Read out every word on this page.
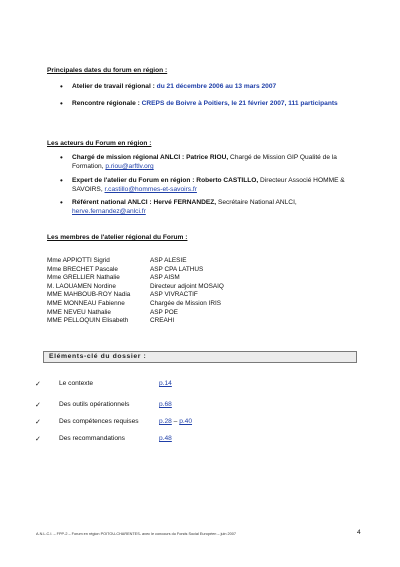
Principales dates du forum en région :
• Atelier de travail régional : du 21 décembre 2006 au 13 mars 2007
• Rencontre régionale : CREPS de Boivre à Poitiers, le 21 février 2007, 111 participants
Les acteurs du Forum en région :
• Chargé de mission régional ANLCI : Patrice RIOU, Chargé de Mission GIP Qualité de la Formation, p.riou@arftlv.org
• Expert de l'atelier du Forum en région : Roberto CASTILLO, Directeur Associé HOMME & SAVOIRS, r.castillo@hommes-et-savoirs.fr
• Référent national ANLCI : Hervé FERNANDEZ, Secrétaire National ANLCI, herve.fernandez@anlci.fr
Les membres de l'atelier régional du Forum :
Mme APPIOTTI Sigrid	ASP ALESIE
Mme BRECHET Pascale	ASP CPA LATHUS
Mme GRELLIER Nathalie	ASP AISM
M. LAOUAMEN Nordine	Directeur adjoint MOSAIQ
MME MAHBOUB-ROY Nadia	ASP VIVRACTIF
MME MONNEAU Fabienne	Chargée de Mission IRIS
MME NEVEU Nathalie	ASP POE
MME PELLOQUIN Elisabeth	CREAHI
Eléments-clé du dossier :
✓	Le contexte	p.14
✓	Des outils opérationnels	p.68
✓	Des compétences requises	p.28 – p.40
✓	Des recommandations	p.48
A.N.L.C.I. – FPP-2 – Forum en région POITOU-CHARENTES- avec le concours du Fonds Social Européen – juin 2007	4
